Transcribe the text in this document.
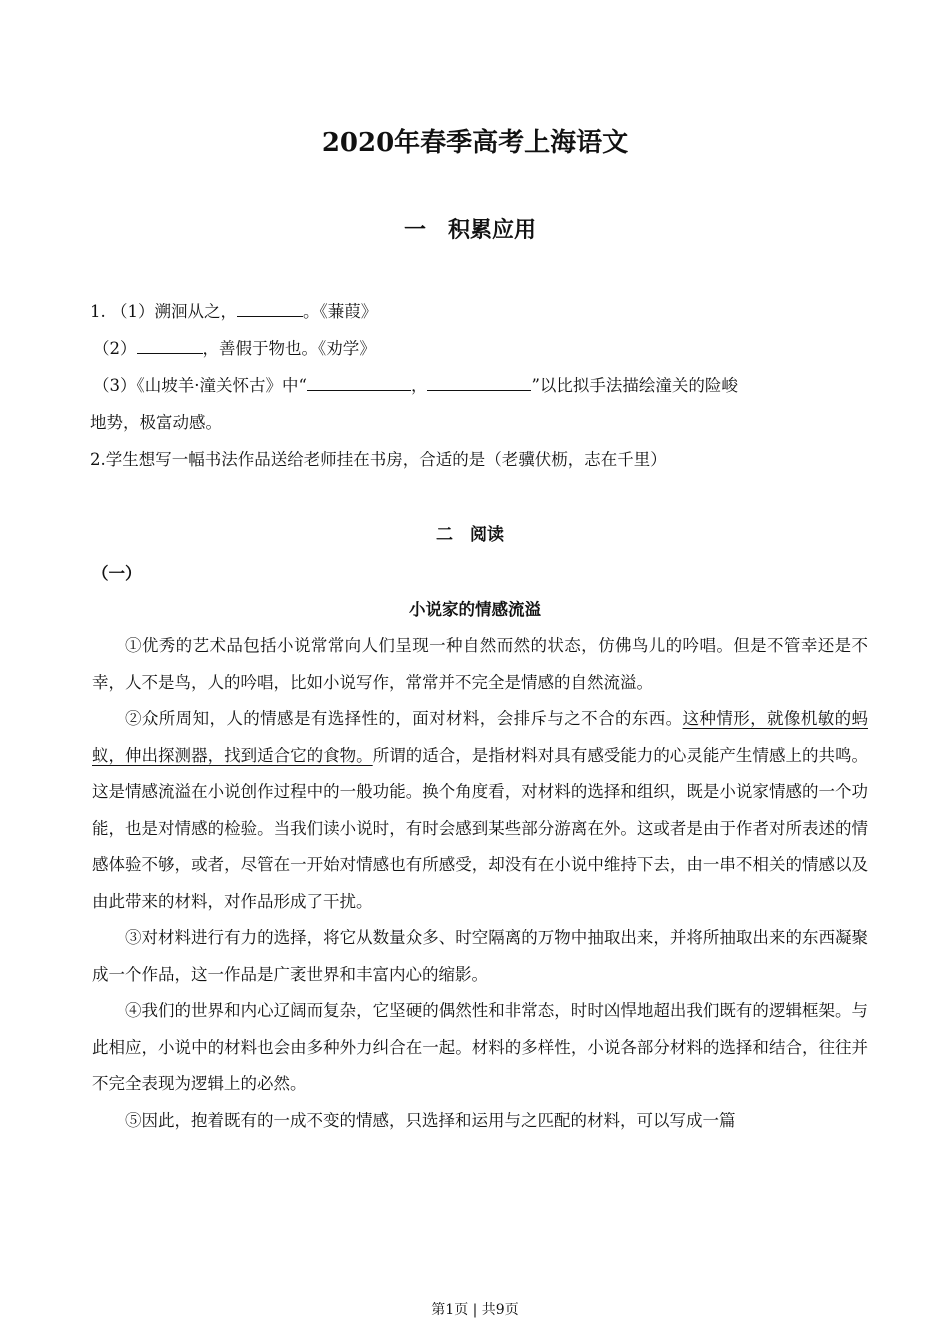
2020年春季高考上海语文
一　积累应用
1. （1）溯洄从之，	。《蒹葭》
（2）	，善假于物也。《劝学》
（3）《山坡羊·潼关怀古》中“	，	”以比拟手法描绘潼关的险峻
地势，极富动感。
2.学生想写一幅书法作品送给老师挂在书房，合适的是（老骥伏枥，志在千里）
二　阅读
（一）
小说家的情感流溢

①优秀的艺术品包括小说常常向人们呈现一种自然而然的状态，仿佛鸟儿的吟唱。但是不管幸还是不幸，人不是鸟，人的吟唱，比如小说写作，常常并不完全是情感的自然流溢。

②众所周知，人的情感是有选择性的，面对材料，会排斥与之不合的东西。这种情形，就像机敏的蚂蚁，伸出探测器，找到适合它的食物。所谓的适合，是指材料对具有感受能力的心灵能产生情感上的共鸣。这是情感流溢在小说创作过程中的一般功能。换个角度看，对材料的选择和组织，既是小说家情感的一个功能，也是对情感的检验。当我们读小说时，有时会感到某些部分游离在外。这或者是由于作者对所表述的情感体验不够，或者，尽管在一开始对情感也有所感受，却没有在小说中维持下去，由一串不相关的情感以及由此带来的材料，对作品形成了干扰。

③对材料进行有力的选择，将它从数量众多、时空隔离的万物中抽取出来，并将所抽取出来的东西凝聚成一个作品，这一作品是广袤世界和丰富内心的缩影。

④我们的世界和内心辽阔而复杂，它坚硬的偶然性和非常态，时时凶悍地超出我们既有的逻辑框架。与此相应，小说中的材料也会由多种外力纠合在一起。材料的多样性，小说各部分材料的选择和结合，往往并不完全表现为逻辑上的必然。

⑤因此，抱着既有的一成不变的情感，只选择和运用与之匹配的材料，可以写成一篇

第1页 | 共9页
